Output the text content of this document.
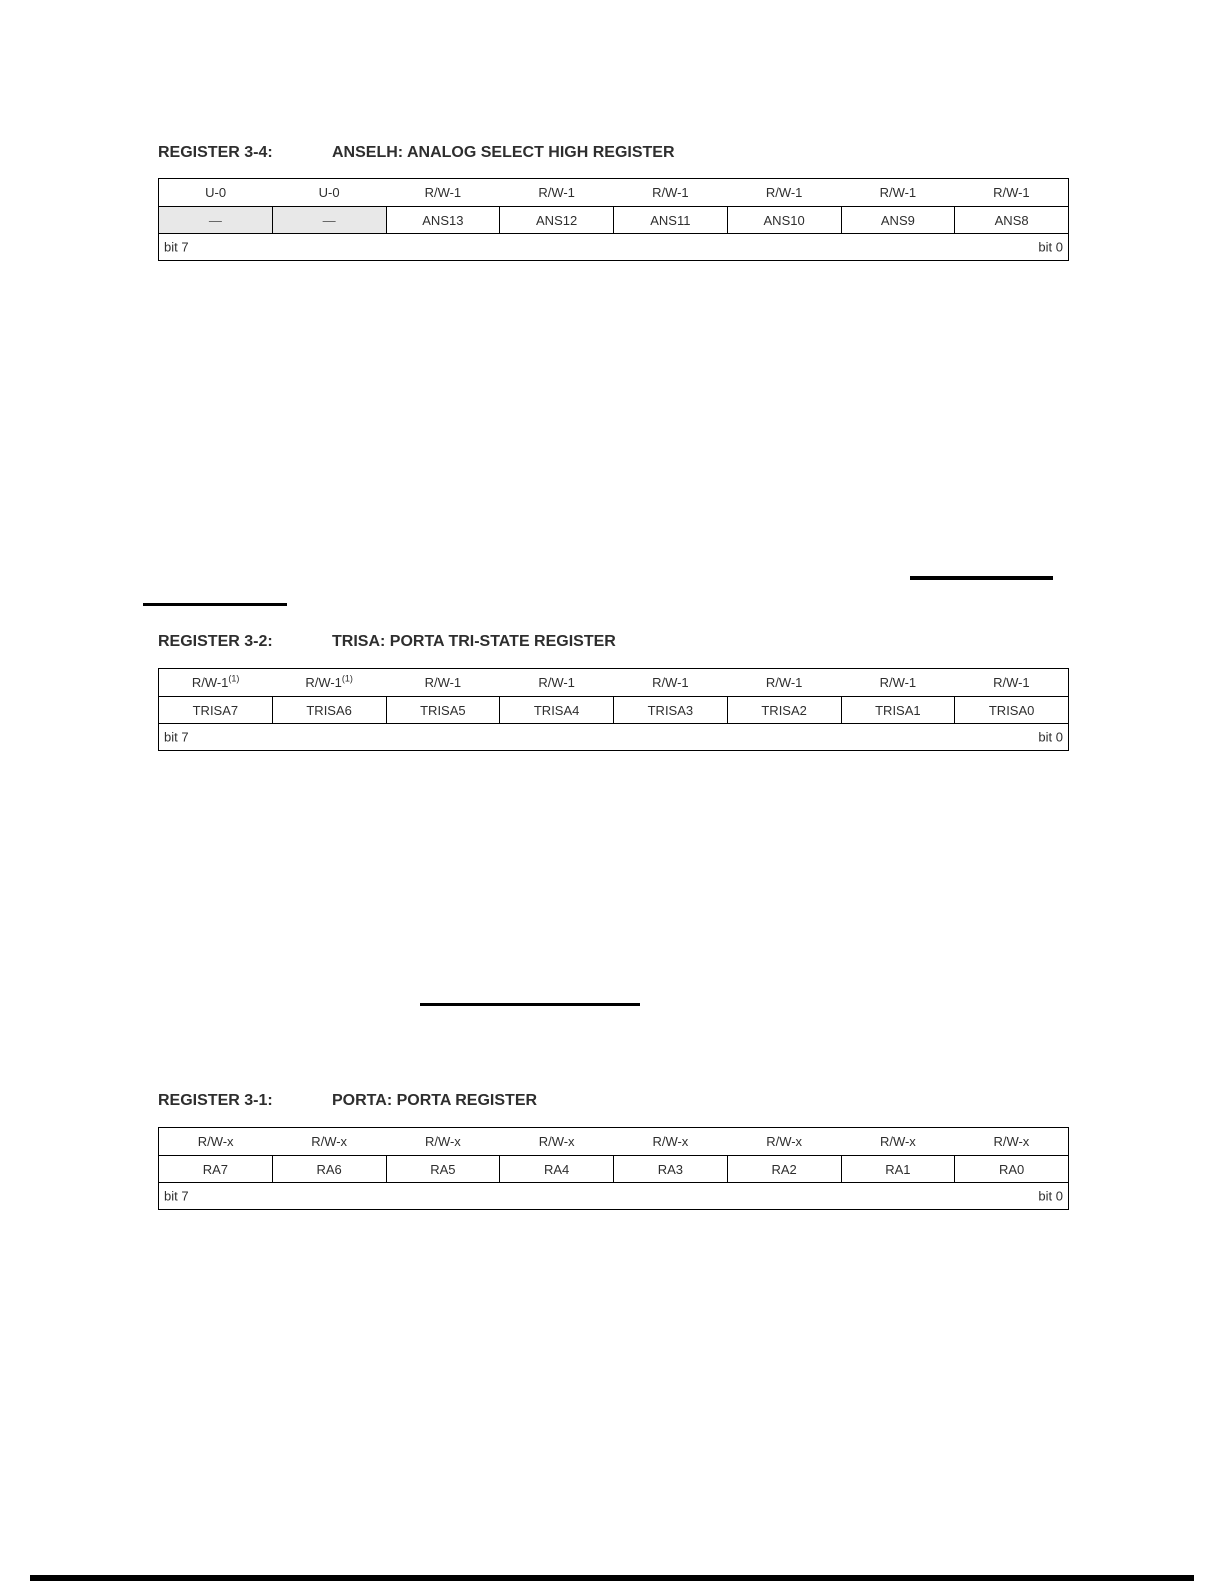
REGISTER 3-4:	ANSELH: ANALOG SELECT HIGH REGISTER
U-0	U-0	R/W-1	R/W-1	R/W-1	R/W-1	R/W-1	R/W-1
—	—	ANS13	ANS12	ANS11	ANS10	ANS9	ANS8

bit 7 bit 0							
REGISTER 3-2:	TRISA: PORTA TRI-STATE REGISTER
R/W-1$^{(1)}$	R/W-1$^{(1)}$	R/W-1	R/W-1	R/W-1	R/W-1	R/W-1	R/W-1
TRISA7	TRISA6	TRISA5	TRISA4	TRISA3	TRISA2	TRISA1	TRISA0

bit 7 bit 0							
REGISTER 3-1:	PORTA: PORTA REGISTER
R/W-x	R/W-x	R/W-x	R/W-x	R/W-x	R/W-x	R/W-x	R/W-x
RA7	RA6	RA5	RA4	RA3	RA2	RA1	RA0

bit 7 bit 0							
